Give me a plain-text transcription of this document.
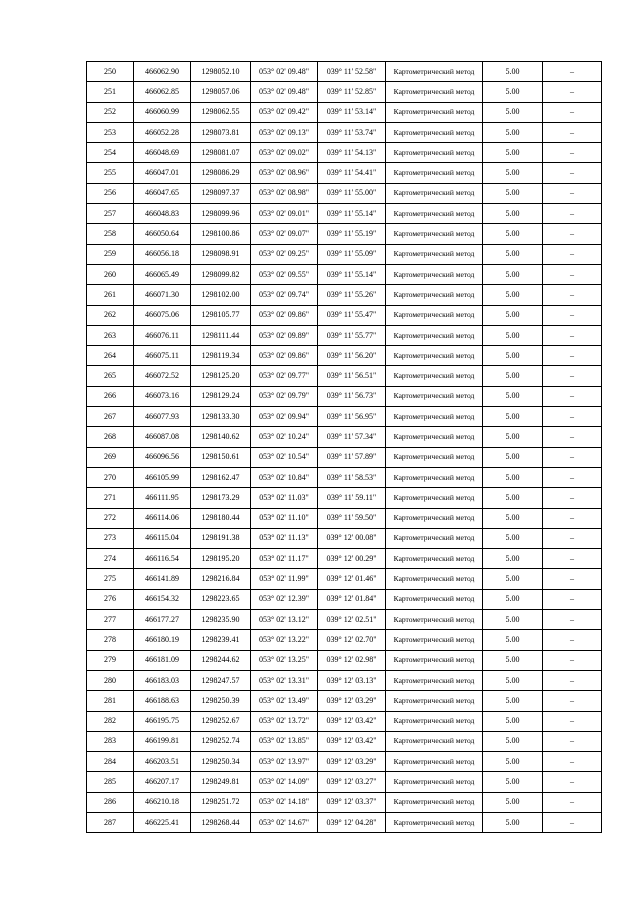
250	466062.90	1298052.10	053° 02' 09.48"	039° 11' 52.58"	Картометрический метод	5.00	–
251	466062.85	1298057.06	053° 02' 09.48"	039° 11' 52.85"	Картометрический метод	5.00	–
252	466060.99	1298062.55	053° 02' 09.42"	039° 11' 53.14"	Картометрический метод	5.00	–
253	466052.28	1298073.81	053° 02' 09.13"	039° 11' 53.74"	Картометрический метод	5.00	–
254	466048.69	1298081.07	053° 02' 09.02"	039° 11' 54.13"	Картометрический метод	5.00	–
255	466047.01	1298086.29	053° 02' 08.96"	039° 11' 54.41"	Картометрический метод	5.00	–
256	466047.65	1298097.37	053° 02' 08.98"	039° 11' 55.00"	Картометрический метод	5.00	–
257	466048.83	1298099.96	053° 02' 09.01"	039° 11' 55.14"	Картометрический метод	5.00	–
258	466050.64	1298100.86	053° 02' 09.07"	039° 11' 55.19"	Картометрический метод	5.00	–
259	466056.18	1298098.91	053° 02' 09.25"	039° 11' 55.09"	Картометрический метод	5.00	–
260	466065.49	1298099.82	053° 02' 09.55"	039° 11' 55.14"	Картометрический метод	5.00	–
261	466071.30	1298102.00	053° 02' 09.74"	039° 11' 55.26"	Картометрический метод	5.00	–
262	466075.06	1298105.77	053° 02' 09.86"	039° 11' 55.47"	Картометрический метод	5.00	–
263	466076.11	1298111.44	053° 02' 09.89"	039° 11' 55.77"	Картометрический метод	5.00	–
264	466075.11	1298119.34	053° 02' 09.86"	039° 11' 56.20"	Картометрический метод	5.00	–
265	466072.52	1298125.20	053° 02' 09.77"	039° 11' 56.51"	Картометрический метод	5.00	–
266	466073.16	1298129.24	053° 02' 09.79"	039° 11' 56.73"	Картометрический метод	5.00	–
267	466077.93	1298133.30	053° 02' 09.94"	039° 11' 56.95"	Картометрический метод	5.00	–
268	466087.08	1298140.62	053° 02' 10.24"	039° 11' 57.34"	Картометрический метод	5.00	–
269	466096.56	1298150.61	053° 02' 10.54"	039° 11' 57.89"	Картометрический метод	5.00	–
270	466105.99	1298162.47	053° 02' 10.84"	039° 11' 58.53"	Картометрический метод	5.00	–
271	466111.95	1298173.29	053° 02' 11.03"	039° 11' 59.11"	Картометрический метод	5.00	–
272	466114.06	1298180.44	053° 02' 11.10"	039° 11' 59.50"	Картометрический метод	5.00	–
273	466115.04	1298191.38	053° 02' 11.13"	039° 12' 00.08"	Картометрический метод	5.00	–
274	466116.54	1298195.20	053° 02' 11.17"	039° 12' 00.29"	Картометрический метод	5.00	–
275	466141.89	1298216.84	053° 02' 11.99"	039° 12' 01.46"	Картометрический метод	5.00	–
276	466154.32	1298223.65	053° 02' 12.39"	039° 12' 01.84"	Картометрический метод	5.00	–
277	466177.27	1298235.90	053° 02' 13.12"	039° 12' 02.51"	Картометрический метод	5.00	–
278	466180.19	1298239.41	053° 02' 13.22"	039° 12' 02.70"	Картометрический метод	5.00	–
279	466181.09	1298244.62	053° 02' 13.25"	039° 12' 02.98"	Картометрический метод	5.00	–
280	466183.03	1298247.57	053° 02' 13.31"	039° 12' 03.13"	Картометрический метод	5.00	–
281	466188.63	1298250.39	053° 02' 13.49"	039° 12' 03.29"	Картометрический метод	5.00	–
282	466195.75	1298252.67	053° 02' 13.72"	039° 12' 03.42"	Картометрический метод	5.00	–
283	466199.81	1298252.74	053° 02' 13.85"	039° 12' 03.42"	Картометрический метод	5.00	–
284	466203.51	1298250.34	053° 02' 13.97"	039° 12' 03.29"	Картометрический метод	5.00	–
285	466207.17	1298249.81	053° 02' 14.09"	039° 12' 03.27"	Картометрический метод	5.00	–
286	466210.18	1298251.72	053° 02' 14.18"	039° 12' 03.37"	Картометрический метод	5.00	–
287	466225.41	1298268.44	053° 02' 14.67"	039° 12' 04.28"	Картометрический метод	5.00	–
